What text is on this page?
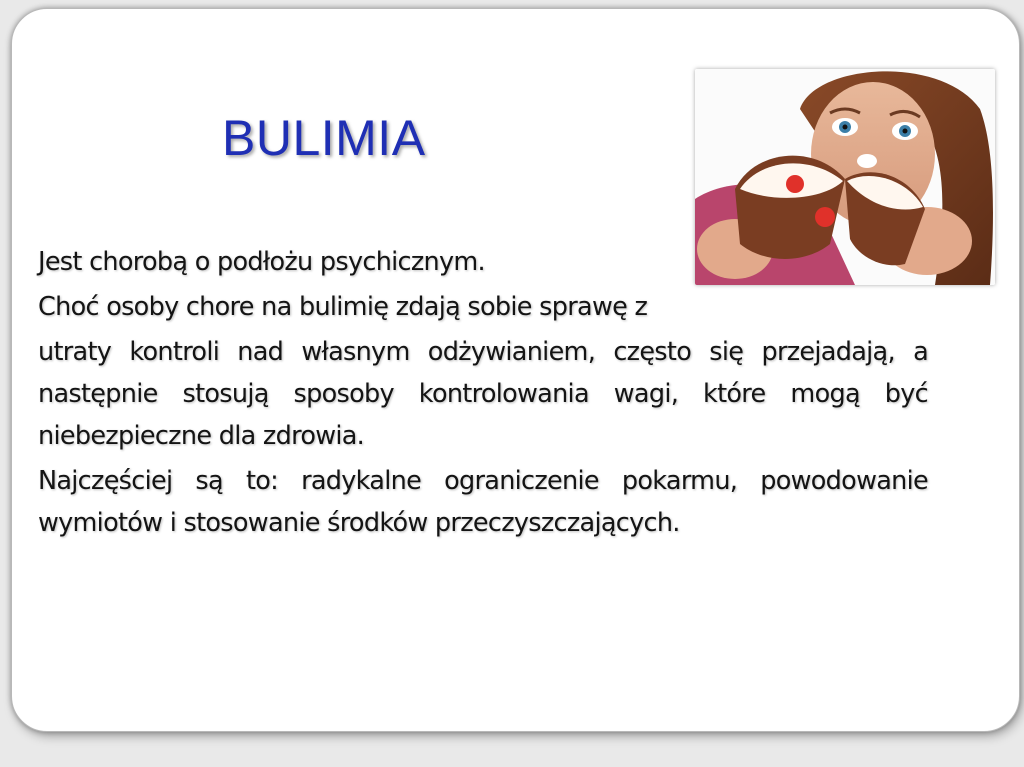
BULIMIA

Jest chorobą o podłożu psychicznym.

Choć osoby chore na bulimię zdają sobie sprawę z

utraty kontroli nad własnym odżywianiem, często się przejadają, a następnie stosują sposoby kontrolowania wagi, które mogą być niebezpieczne dla zdrowia.

Najczęściej są to: radykalne ograniczenie pokarmu, powodowanie wymiotów i stosowanie środków przeczyszczających.
